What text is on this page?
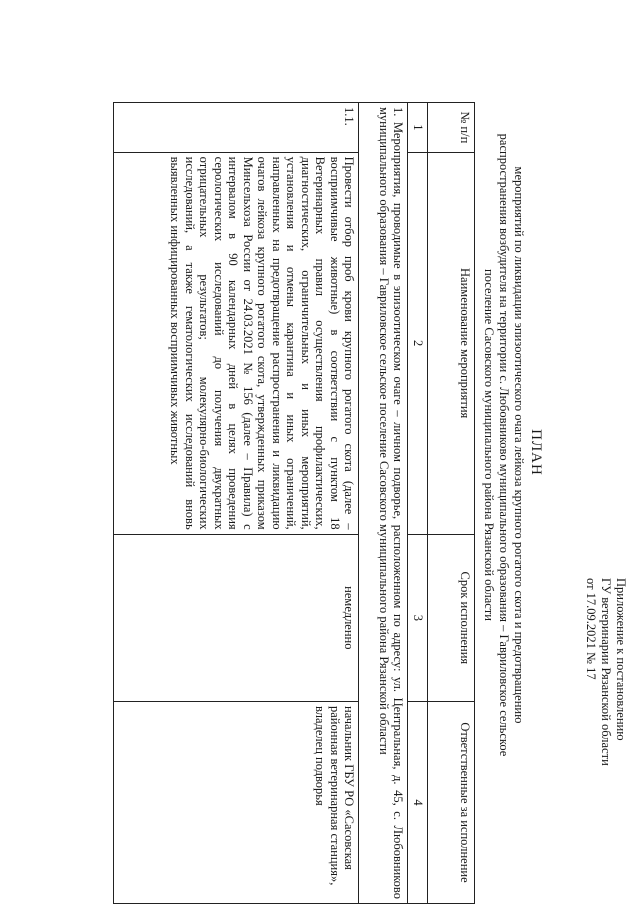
Приложение к постановлению
ГУ ветеринарии Рязанской области
от 17.09.2021 № 17
ПЛАН
мероприятий по ликвидации эпизоотического очага лейкоза крупного рогатого скота и предотвращению распространения возбудителя на территории с. Любовниково муниципального образования – Гавриловское сельское поселение Сасовского муниципального района Рязанской области
№ п/п	Наименование мероприятия	Срок исполнения	Ответственные за исполнение
1	2	3	4
1. Мероприятия, проводимые в эпизоотическом очаге – личном подворье, расположенном по адресу: ул. Центральная, д. 45, с. Любовниково муниципального образования – Гавриловское сельское поселение Сасовского муниципального района Рязанской области			
1.1.	Провести отбор проб крови крупного рогатого скота (далее – восприимчивые животные) в соответствии с пунктом 18 Ветеринарных правил осуществления профилактических, диагностических, ограничительных и иных мероприятий, установления и отмены карантина и иных ограничений, направленных на предотвращение распространения и ликвидацию очагов лейкоза крупного рогатого скота, утвержденных приказом Минсельхоза России от 24.03.2021 № 156 (далее – Правила) с интервалом в 90 календарных дней в целях проведения серологических исследований до получения двукратных отрицательных результатов; молекулярно-биологических исследований, а также гематологических исследований вновь выявленных инфицированных восприимчивых животных	немедленно	начальник ГБУ РО «Сасовская районная ветеринарная станция», владелец подворья
